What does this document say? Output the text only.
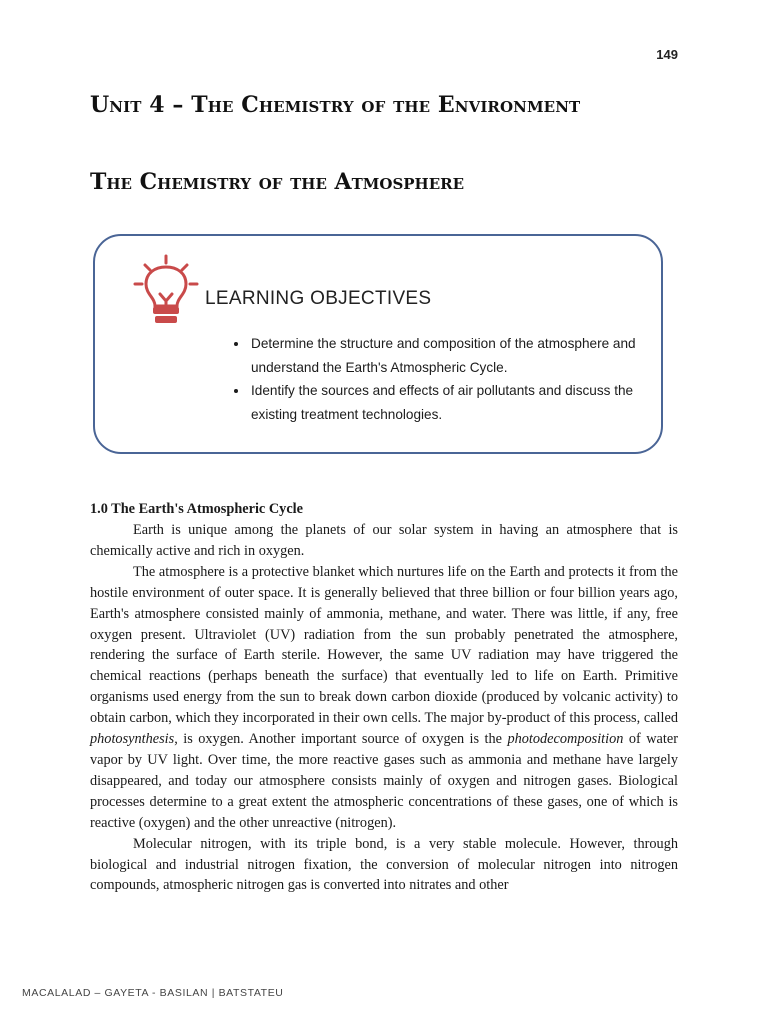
149
Unit 4 – The Chemistry of the Environment
The Chemistry of the Atmosphere
LEARNING OBJECTIVES
• Determine the structure and composition of the atmosphere and understand the Earth's Atmospheric Cycle.
• Identify the sources and effects of air pollutants and discuss the existing treatment technologies.
1.0 The Earth's Atmospheric Cycle

Earth is unique among the planets of our solar system in having an atmosphere that is chemically active and rich in oxygen.

The atmosphere is a protective blanket which nurtures life on the Earth and protects it from the hostile environment of outer space. It is generally believed that three billion or four billion years ago, Earth's atmosphere consisted mainly of ammonia, methane, and water. There was little, if any, free oxygen present. Ultraviolet (UV) radiation from the sun probably penetrated the atmosphere, rendering the surface of Earth sterile. However, the same UV radiation may have triggered the chemical reactions (perhaps beneath the surface) that eventually led to life on Earth. Primitive organisms used energy from the sun to break down carbon dioxide (produced by volcanic activity) to obtain carbon, which they incorporated in their own cells. The major by-product of this process, called photosynthesis, is oxygen. Another important source of oxygen is the photodecomposition of water vapor by UV light. Over time, the more reactive gases such as ammonia and methane have largely disappeared, and today our atmosphere consists mainly of oxygen and nitrogen gases. Biological processes determine to a great extent the atmospheric concentrations of these gases, one of which is reactive (oxygen) and the other unreactive (nitrogen).

Molecular nitrogen, with its triple bond, is a very stable molecule. However, through biological and industrial nitrogen fixation, the conversion of molecular nitrogen into nitrogen compounds, atmospheric nitrogen gas is converted into nitrates and other

MACALALAD – GAYETA - BASILAN | BATSTATEU
